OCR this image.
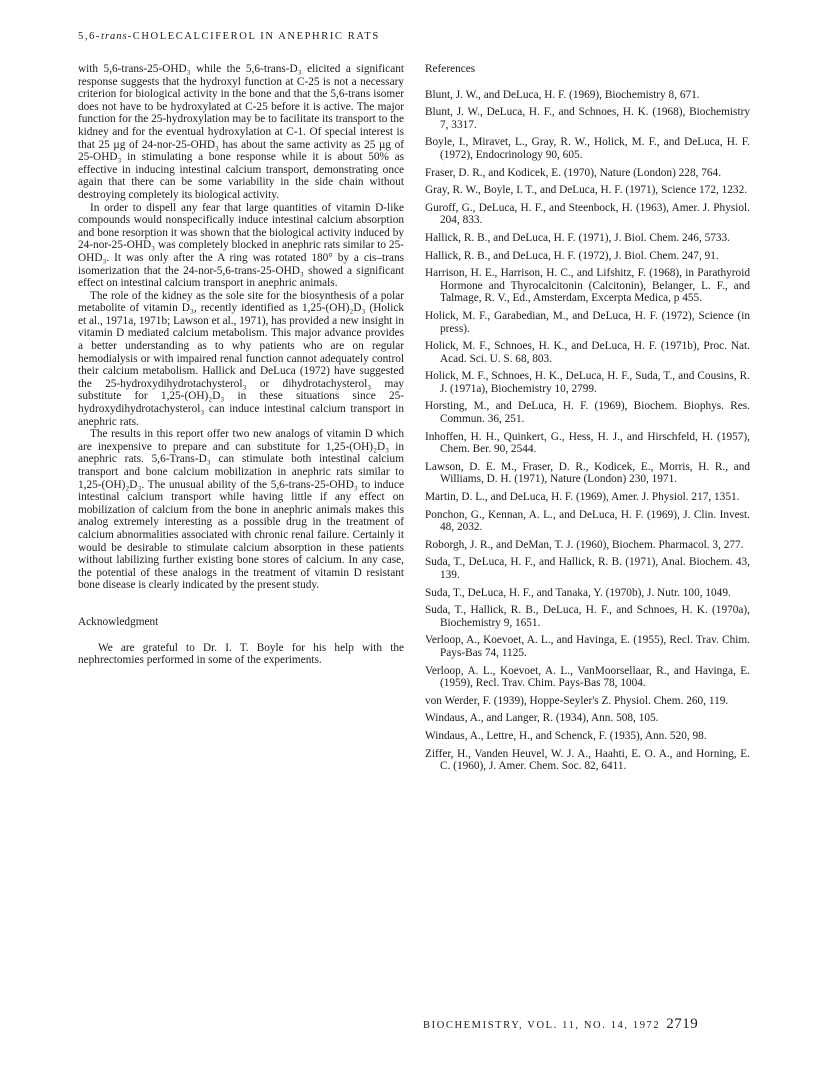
5,6-trans-CHOLECALCIFEROL IN ANEPHRIC RATS

with 5,6-trans-25-OHD₃ while the 5,6-trans-D₃ elicited a significant response suggests that the hydroxyl function at C-25 is not a necessary criterion for biological activity in the bone and that the 5,6-trans isomer does not have to be hydroxylated at C-25 before it is active. The major function for the 25-hydroxylation may be to facilitate its transport to the kidney and for the eventual hydroxylation at C-1. Of special interest is that 25 µg of 24-nor-25-OHD₃ has about the same activity as 25 µg of 25-OHD₃ in stimulating a bone response while it is about 50% as effective in inducing intestinal calcium transport, demonstrating once again that there can be some variability in the side chain without destroying completely its biological activity.

In order to dispell any fear that large quantities of vitamin D-like compounds would nonspecifically induce intestinal calcium absorption and bone resorption it was shown that the biological activity induced by 24-nor-25-OHD₃ was completely blocked in anephric rats similar to 25-OHD₃. It was only after the A ring was rotated 180° by a cis–trans isomerization that the 24-nor-5,6-trans-25-OHD₃ showed a significant effect on intestinal calcium transport in anephric animals.

The role of the kidney as the sole site for the biosynthesis of a polar metabolite of vitamin D₃, recently identified as 1,25-(OH)₂D₃ (Holick et al., 1971a, 1971b; Lawson et al., 1971), has provided a new insight in vitamin D mediated calcium metabolism. This major advance provides a better understanding as to why patients who are on regular hemodialysis or with impaired renal function cannot adequately control their calcium metabolism. Hallick and DeLuca (1972) have suggested the 25-hydroxydihydrotachysterol₃ or dihydrotachysterol₃ may substitute for 1,25-(OH)₂D₃ in these situations since 25-hydroxydihydrotachysterol₃ can induce intestinal calcium transport in anephric rats.

The results in this report offer two new analogs of vitamin D which are inexpensive to prepare and can substitute for 1,25-(OH)₂D₃ in anephric rats. 5,6-Trans-D₃ can stimulate both intestinal calcium transport and bone calcium mobilization in anephric rats similar to 1,25-(OH)₂D₃. The unusual ability of the 5,6-trans-25-OHD₃ to induce intestinal calcium transport while having little if any effect on mobilization of calcium from the bone in anephric animals makes this analog extremely interesting as a possible drug in the treatment of calcium abnormalities associated with chronic renal failure. Certainly it would be desirable to stimulate calcium absorption in these patients without labilizing further existing bone stores of calcium. In any case, the potential of these analogs in the treatment of vitamin D resistant bone disease is clearly indicated by the present study.

Acknowledgment

We are grateful to Dr. I. T. Boyle for his help with the nephrectomies performed in some of the experiments.

References
Blunt, J. W., and DeLuca, H. F. (1969), Biochemistry 8, 671.
Blunt, J. W., DeLuca, H. F., and Schnoes, H. K. (1968), Biochemistry 7, 3317.
Boyle, I., Miravet, L., Gray, R. W., Holick, M. F., and DeLuca, H. F. (1972), Endocrinology 90, 605.
Fraser, D. R., and Kodicek, E. (1970), Nature (London) 228, 764.
Gray, R. W., Boyle, I. T., and DeLuca, H. F. (1971), Science 172, 1232.
Guroff, G., DeLuca, H. F., and Steenbock, H. (1963), Amer. J. Physiol. 204, 833.
Hallick, R. B., and DeLuca, H. F. (1971), J. Biol. Chem. 246, 5733.
Hallick, R. B., and DeLuca, H. F. (1972), J. Biol. Chem. 247, 91.
Harrison, H. E., Harrison, H. C., and Lifshitz, F. (1968), in Parathyroid Hormone and Thyrocalcitonin (Calcitonin), Belanger, L. F., and Talmage, R. V., Ed., Amsterdam, Excerpta Medica, p 455.
Holick, M. F., Garabedian, M., and DeLuca, H. F. (1972), Science (in press).
Holick, M. F., Schnoes, H. K., and DeLuca, H. F. (1971b), Proc. Nat. Acad. Sci. U. S. 68, 803.
Holick, M. F., Schnoes, H. K., DeLuca, H. F., Suda, T., and Cousins, R. J. (1971a), Biochemistry 10, 2799.
Horsting, M., and DeLuca, H. F. (1969), Biochem. Biophys. Res. Commun. 36, 251.
Inhoffen, H. H., Quinkert, G., Hess, H. J., and Hirschfeld, H. (1957), Chem. Ber. 90, 2544.
Lawson, D. E. M., Fraser, D. R., Kodicek, E., Morris, H. R., and Williams, D. H. (1971), Nature (London) 230, 1971.
Martin, D. L., and DeLuca, H. F. (1969), Amer. J. Physiol. 217, 1351.
Ponchon, G., Kennan, A. L., and DeLuca, H. F. (1969), J. Clin. Invest. 48, 2032.
Roborgh, J. R., and DeMan, T. J. (1960), Biochem. Pharmacol. 3, 277.
Suda, T., DeLuca, H. F., and Hallick, R. B. (1971), Anal. Biochem. 43, 139.
Suda, T., DeLuca, H. F., and Tanaka, Y. (1970b), J. Nutr. 100, 1049.
Suda, T., Hallick, R. B., DeLuca, H. F., and Schnoes, H. K. (1970a), Biochemistry 9, 1651.
Verloop, A., Koevoet, A. L., and Havinga, E. (1955), Recl. Trav. Chim. Pays-Bas 74, 1125.
Verloop, A. L., Koevoet, A. L., VanMoorsellaar, R., and Havinga, E. (1959), Recl. Trav. Chim. Pays-Bas 78, 1004.
von Werder, F. (1939), Hoppe-Seyler's Z. Physiol. Chem. 260, 119.
Windaus, A., and Langer, R. (1934), Ann. 508, 105.
Windaus, A., Lettre, H., and Schenck, F. (1935), Ann. 520, 98.
Ziffer, H., Vanden Heuvel, W. J. A., Haahti, E. O. A., and Horning, E. C. (1960), J. Amer. Chem. Soc. 82, 6411.
BIOCHEMISTRY, VOL. 11, NO. 14, 1972 2719
